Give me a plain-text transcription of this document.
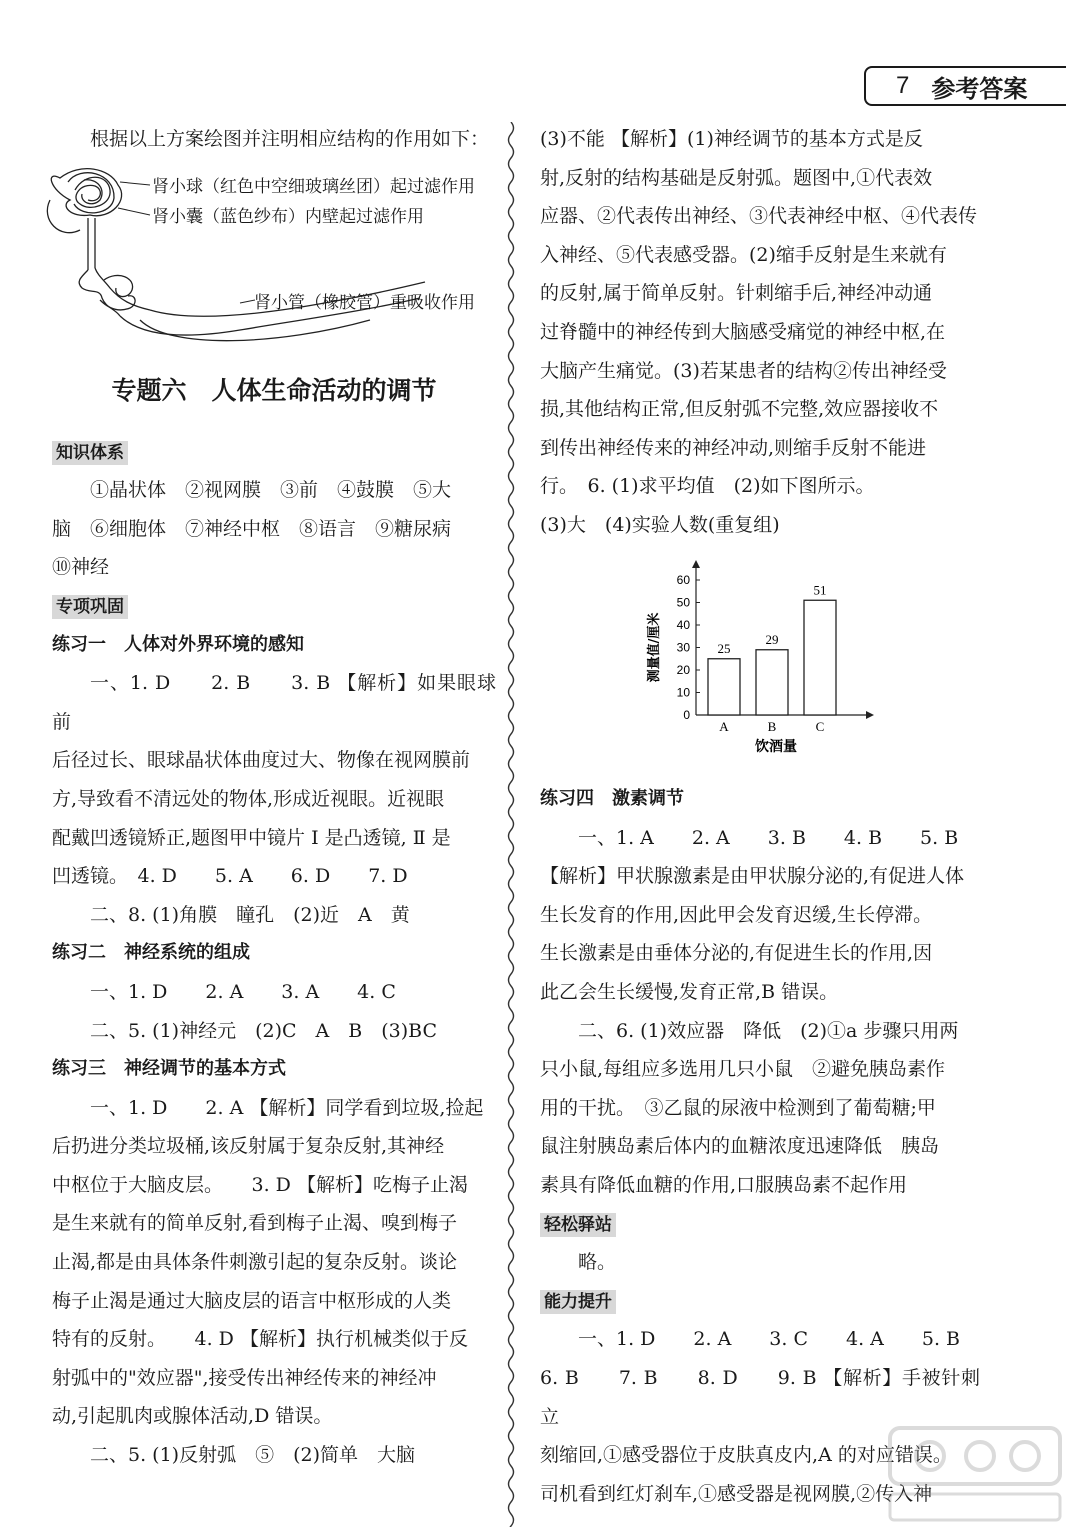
7 参考答案

根据以上方案绘图并注明相应结构的作用如下：

肾小球（红色中空细玻璃丝团）起过滤作用
肾小囊（蓝色纱布）内壁起过滤作用
肾小管（橡胶管）重吸收作用

专题六　人体生命活动的调节

知识体系

①晶状体　②视网膜　③前　④鼓膜　⑤大

脑　⑥细胞体　⑦神经中枢　⑧语言　⑨糖尿病

⑩神经

专项巩固

练习一　人体对外界环境的感知

一、1. D　　2. B　　3. B 【解析】如果眼球前

后径过长、眼球晶状体曲度过大、物像在视网膜前

方,导致看不清远处的物体,形成近视眼。近视眼

配戴凹透镜矫正,题图甲中镜片 Ⅰ 是凸透镜, Ⅱ 是

凹透镜。　4. D　　5. A　　6. D　　7. D

二、8. (1)角膜　瞳孔　(2)近　A　黄

练习二　神经系统的组成

一、1. D　　2. A　　3. A　　4. C

二、5. (1)神经元　(2)C　A　B　(3)BC

练习三　神经调节的基本方式

一、1. D　　2. A 【解析】同学看到垃圾,捡起

后扔进分类垃圾桶,该反射属于复杂反射,其神经

中枢位于大脑皮层。　　3. D 【解析】吃梅子止渴

是生来就有的简单反射,看到梅子止渴、嗅到梅子

止渴,都是由具体条件刺激引起的复杂反射。谈论

梅子止渴是通过大脑皮层的语言中枢形成的人类

特有的反射。　　4. D 【解析】执行机械类似于反

射弧中的"效应器",接受传出神经传来的神经冲

动,引起肌肉或腺体活动,D 错误。

二、5. (1)反射弧　⑤　(2)简单　大脑

(3)不能 【解析】(1)神经调节的基本方式是反

射,反射的结构基础是反射弧。题图中,①代表效

应器、②代表传出神经、③代表神经中枢、④代表传

入神经、⑤代表感受器。(2)缩手反射是生来就有

的反射,属于简单反射。针刺缩手后,神经冲动通

过脊髓中的神经传到大脑感受痛觉的神经中枢,在

大脑产生痛觉。(3)若某患者的结构②传出神经受

损,其他结构正常,但反射弧不完整,效应器接收不

到传出神经传来的神经冲动,则缩手反射不能进

行。　6. (1)求平均值　(2)如下图所示。

(3)大　(4)实验人数(重复组)

0
10
20
30
40
50
60
25
A
29
B
51
C
饮酒量
测量值/厘米

练习四　激素调节

一、1. A　　2. A　　3. B　　4. B　　5. B

【解析】甲状腺激素是由甲状腺分泌的,有促进人体

生长发育的作用,因此甲会发育迟缓,生长停滞。

生长激素是由垂体分泌的,有促进生长的作用,因

此乙会生长缓慢,发育正常,B 错误。

二、6. (1)效应器　降低　(2)①a 步骤只用两

只小鼠,每组应多选用几只小鼠　②避免胰岛素作

用的干扰。　③乙鼠的尿液中检测到了葡萄糖;甲

鼠注射胰岛素后体内的血糖浓度迅速降低　胰岛

素具有降低血糖的作用,口服胰岛素不起作用

轻松驿站

略。

能力提升

一、1. D　　2. A　　3. C　　4. A　　5. B

6. B　　7. B　　8. D　　9. B 【解析】手被针刺立

刻缩回,①感受器位于皮肤真皮内,A 的对应错误。

司机看到红灯刹车,①感受器是视网膜,②传入神
